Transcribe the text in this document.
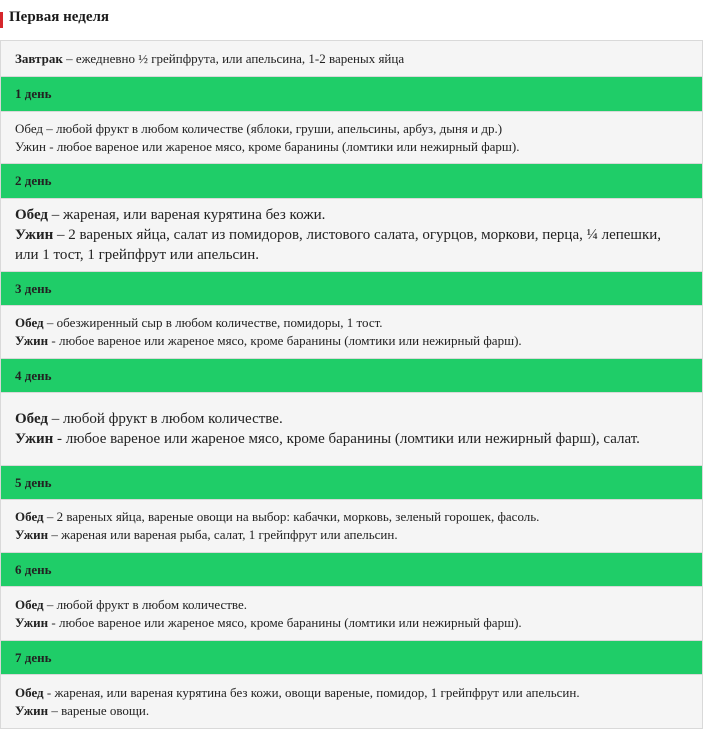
Первая неделя
Завтрак – ежедневно ½ грейпфрута, или апельсина, 1-2 вареных яйца
1 день
Обед – любой фрукт в любом количестве (яблоки, груши, апельсины, арбуз, дыня и др.)
Ужин - любое вареное или жареное мясо, кроме баранины (ломтики или нежирный фарш).
2 день
Обед – жареная, или вареная курятина без кожи.
Ужин – 2 вареных яйца, салат из помидоров, листового салата, огурцов, моркови, перца, ¼ лепешки, или 1 тост, 1 грейпфрут или апельсин.
3 день
Обед – обезжиренный сыр в любом количестве, помидоры, 1 тост.
Ужин - любое вареное или жареное мясо, кроме баранины (ломтики или нежирный фарш).
4 день
Обед – любой фрукт в любом количестве.
Ужин - любое вареное или жареное мясо, кроме баранины (ломтики или нежирный фарш), салат.
5 день
Обед – 2 вареных яйца, вареные овощи на выбор: кабачки, морковь, зеленый горошек, фасоль.
Ужин – жареная или вареная рыба, салат, 1 грейпфрут или апельсин.
6 день
Обед – любой фрукт в любом количестве.
Ужин - любое вареное или жареное мясо, кроме баранины (ломтики или нежирный фарш).
7 день
Обед - жареная, или вареная курятина без кожи, овощи вареные, помидор, 1 грейпфрут или апельсин.
Ужин – вареные овощи.
